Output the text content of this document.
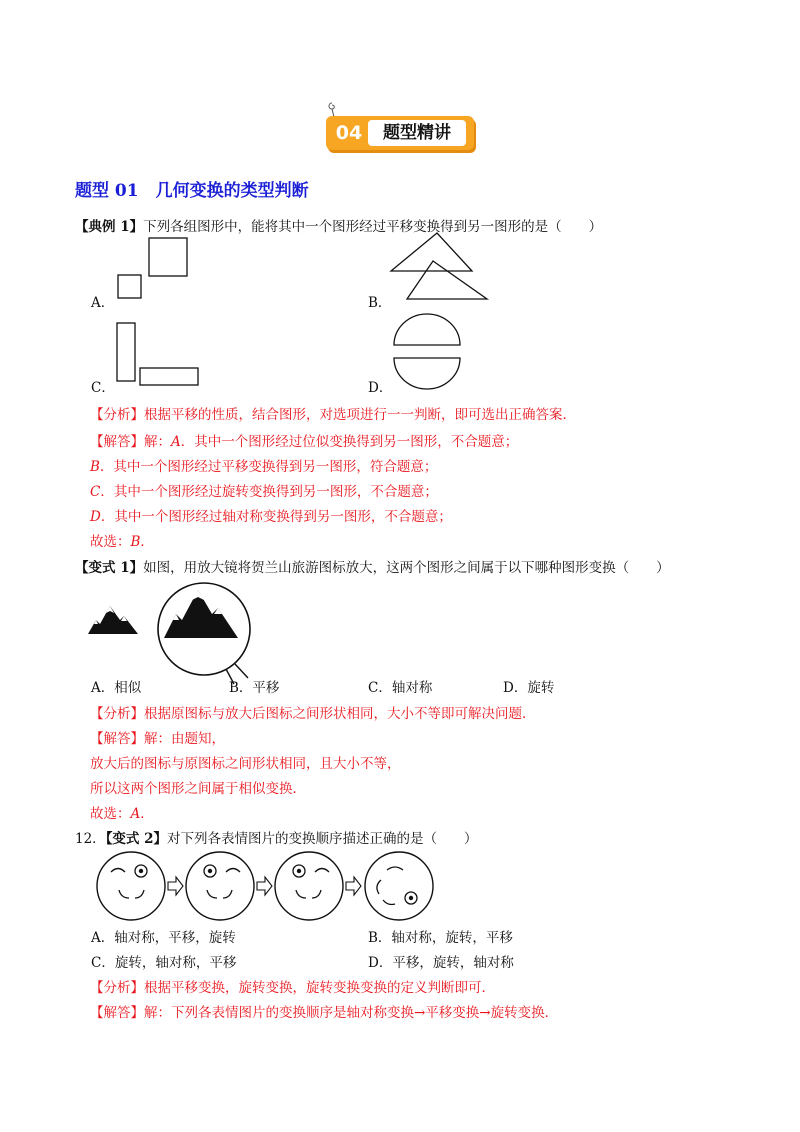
04	题型精讲
题型 01　几何变换的类型判断
【典例 1】下列各组图形中，能将其中一个图形经过平移变换得到另一图形的是（　　）
A．	B．
C．	D．
【分析】根据平移的性质，结合图形，对选项进行一一判断，即可选出正确答案．
【解答】解：A．其中一个图形经过位似变换得到另一图形，不合题意；
B．其中一个图形经过平移变换得到另一图形，符合题意；
C．其中一个图形经过旋转变换得到另一图形，不合题意；
D．其中一个图形经过轴对称变换得到另一图形，不合题意；
故选：B．
【变式 1】如图，用放大镜将贺兰山旅游图标放大，这两个图形之间属于以下哪种图形变换（　　）
A．相似	B．平移	C．轴对称	D．旋转
【分析】根据原图标与放大后图标之间形状相同，大小不等即可解决问题．
【解答】解：由题知，
放大后的图标与原图标之间形状相同，且大小不等，
所以这两个图形之间属于相似变换．
故选：A．
12．【变式 2】对下列各表情图片的变换顺序描述正确的是（　　）
A．轴对称，平移，旋转	B．轴对称，旋转，平移
C．旋转，轴对称，平移	D．平移，旋转，轴对称
【分析】根据平移变换，旋转变换，旋转变换变换的定义判断即可．
【解答】解：下列各表情图片的变换顺序是轴对称变换→平移变换→旋转变换．
